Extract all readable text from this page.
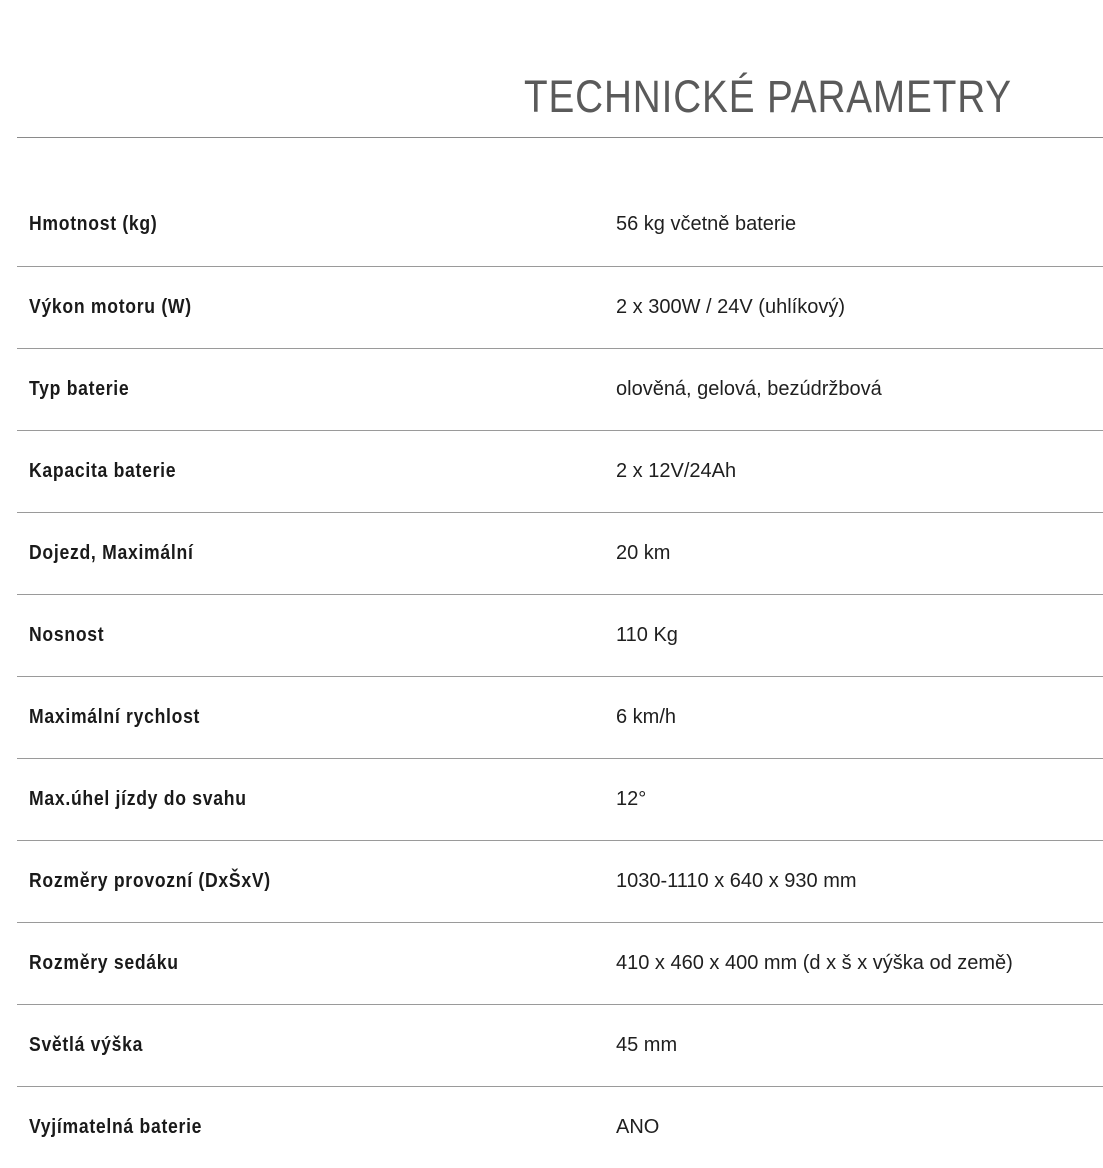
TECHNICKÉ PARAMETRY
Hmotnost (kg)	56 kg včetně baterie
Výkon motoru (W)	2 x 300W / 24V (uhlíkový)
Typ baterie	olověná, gelová, bezúdržbová
Kapacita baterie	2 x 12V/24Ah
Dojezd, Maximální	20 km
Nosnost	110 Kg
Maximální rychlost	6 km/h
Max.úhel jízdy do svahu	12°
Rozměry provozní (DxŠxV)	1030-1110 x 640 x 930 mm
Rozměry sedáku	410 x 460 x 400 mm (d x š x výška od země)
Světlá výška	45 mm
Vyjímatelná baterie	ANO
